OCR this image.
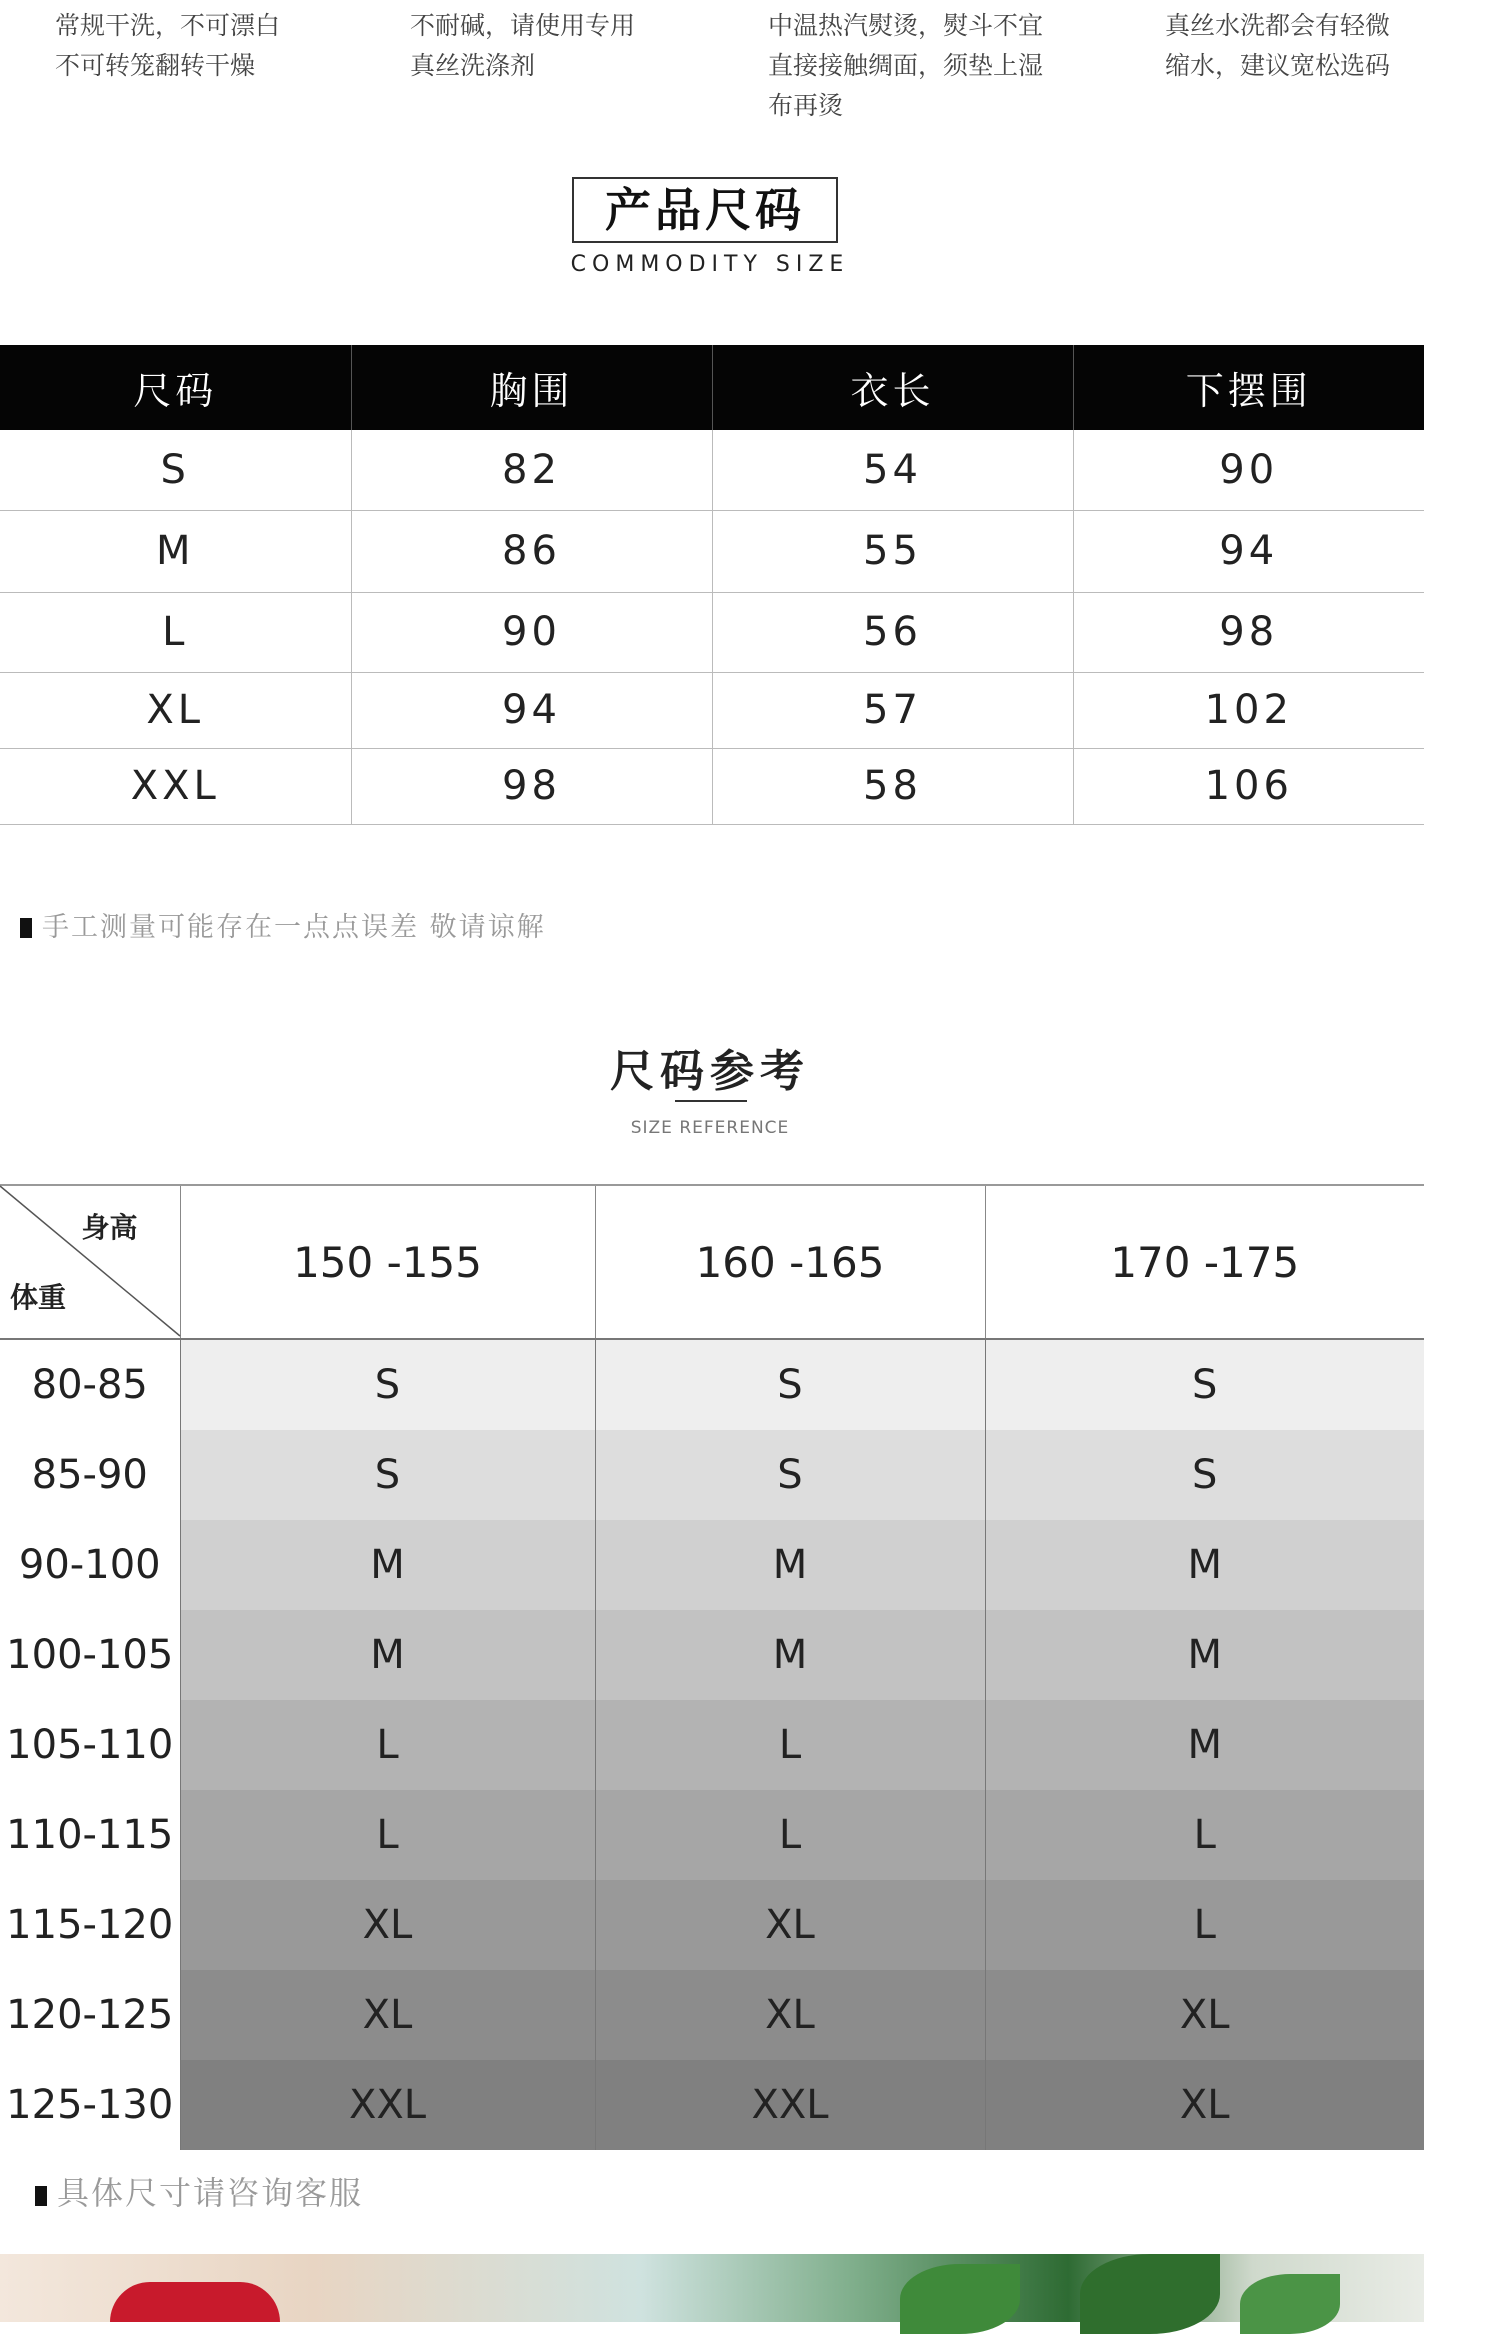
常规干洗，不可漂白
不可转笼翻转干燥
不耐碱，请使用专用
真丝洗涤剂
中温热汽熨烫，熨斗不宜
直接接触绸面，须垫上湿
布再烫
真丝水洗都会有轻微
缩水，建议宽松选码
产品尺码
COMMODITY SIZE
尺码	胸围	衣长	下摆围
S	82	54	90
M	86	55	94
L	90	56	98
XL	94	57	102
XXL	98	58	106
手工测量可能存在一点点误差 敬请谅解
尺码参考
SIZE REFERENCE
身高
体重	150 -155	160 -165	170 -175
80-85	S	S	S
85-90	S	S	S
90-100	M	M	M
100-105	M	M	M
105-110	L	L	M
110-115	L	L	L
115-120	XL	XL	L
120-125	XL	XL	XL
125-130	XXL	XXL	XL
具体尺寸请咨询客服
